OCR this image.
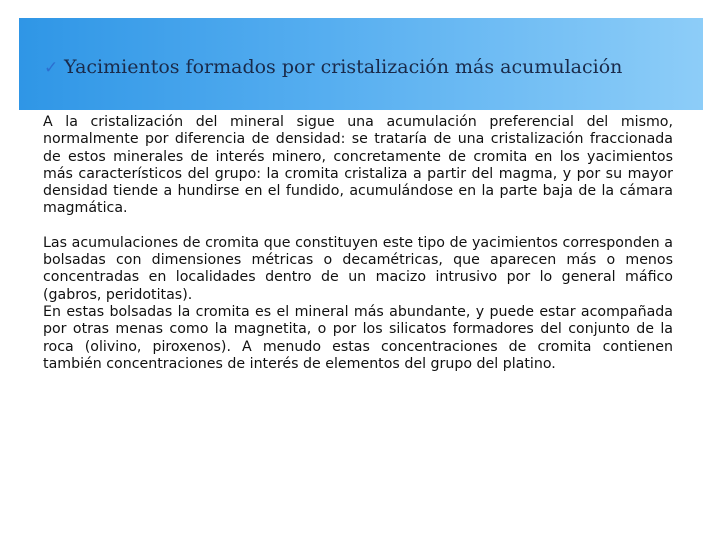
✓ Yacimientos formados por cristalización más acumulación

A la cristalización del mineral sigue una acumulación preferencial del mismo, normalmente por diferencia de densidad: se trataría de una cristalización fraccionada de estos minerales de interés minero, concretamente de cromita en los yacimientos más característicos del grupo: la cromita cristaliza a partir del magma, y por su mayor densidad tiende a hundirse en el fundido, acumulándose en la parte baja de la cámara magmática.

Las acumulaciones de cromita que constituyen este tipo de yacimientos corresponden a bolsadas con dimensiones métricas o decamétricas, que aparecen más o menos concentradas en localidades dentro de un macizo intrusivo por lo general máfico (gabros, peridotitas).

En estas bolsadas la cromita es el mineral más abundante, y puede estar acompañada por otras menas como la magnetita, o por los silicatos formadores del conjunto de la roca (olivino, piroxenos). A menudo estas concentraciones de cromita contienen también concentraciones de interés de elementos del grupo del platino.
